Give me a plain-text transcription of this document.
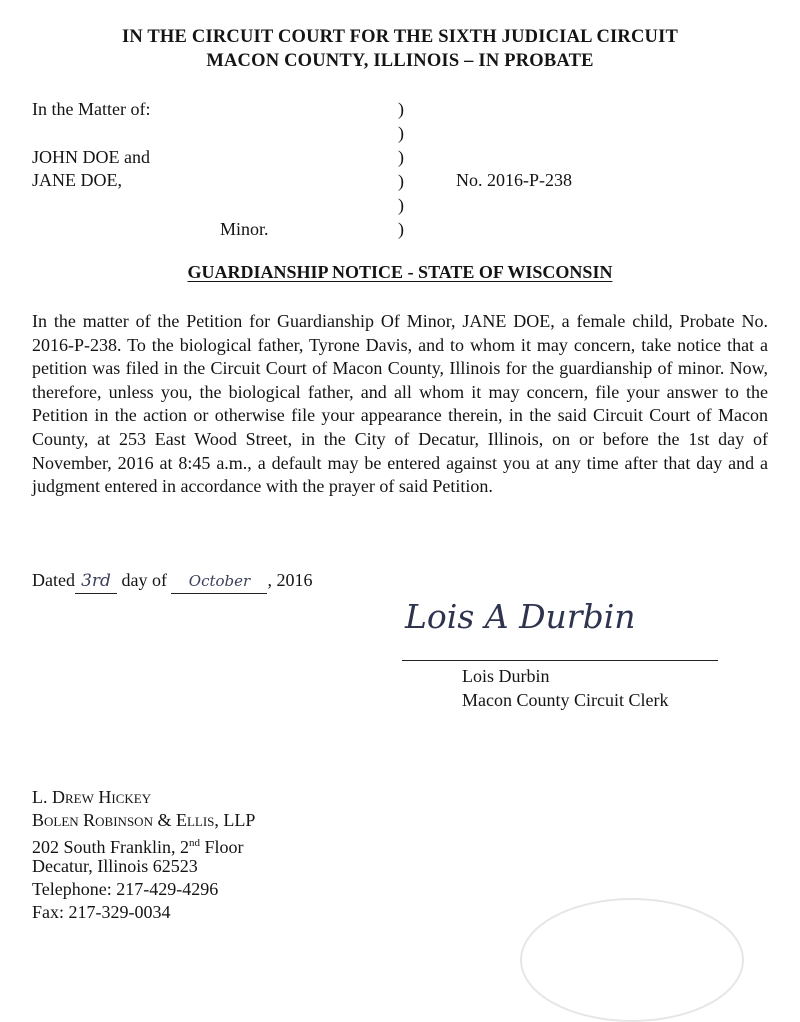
IN THE CIRCUIT COURT FOR THE SIXTH JUDICIAL CIRCUIT
MACON COUNTY, ILLINOIS – IN PROBATE
In the Matter of:
JOHN DOE and
JANE DOE,
Minor.
No. 2016-P-238
)
)
)
)
)
)
GUARDIANSHIP NOTICE - STATE OF WISCONSIN
In the matter of the Petition for Guardianship Of Minor, JANE DOE, a female child, Probate No. 2016-P-238. To the biological father, Tyrone Davis, and to whom it may concern, take notice that a petition was filed in the Circuit Court of Macon County, Illinois for the guardianship of minor. Now, therefore, unless you, the biological father, and all whom it may concern, file your answer to the Petition in the action or otherwise file your appearance therein, in the said Circuit Court of Macon County, at 253 East Wood Street, in the City of Decatur, Illinois, on or before the 1st day of November, 2016 at 8:45 a.m., a default may be entered against you at any time after that day and a judgment entered in accordance with the prayer of said Petition.
Dated 3rd day of October , 2016
Lois A Durbin
Lois Durbin
Macon County Circuit Clerk
L. Drew Hickey
Bolen Robinson & Ellis, LLP
202 South Franklin, 2nd Floor
Decatur, Illinois 62523
Telephone: 217-429-4296
Fax: 217-329-0034
